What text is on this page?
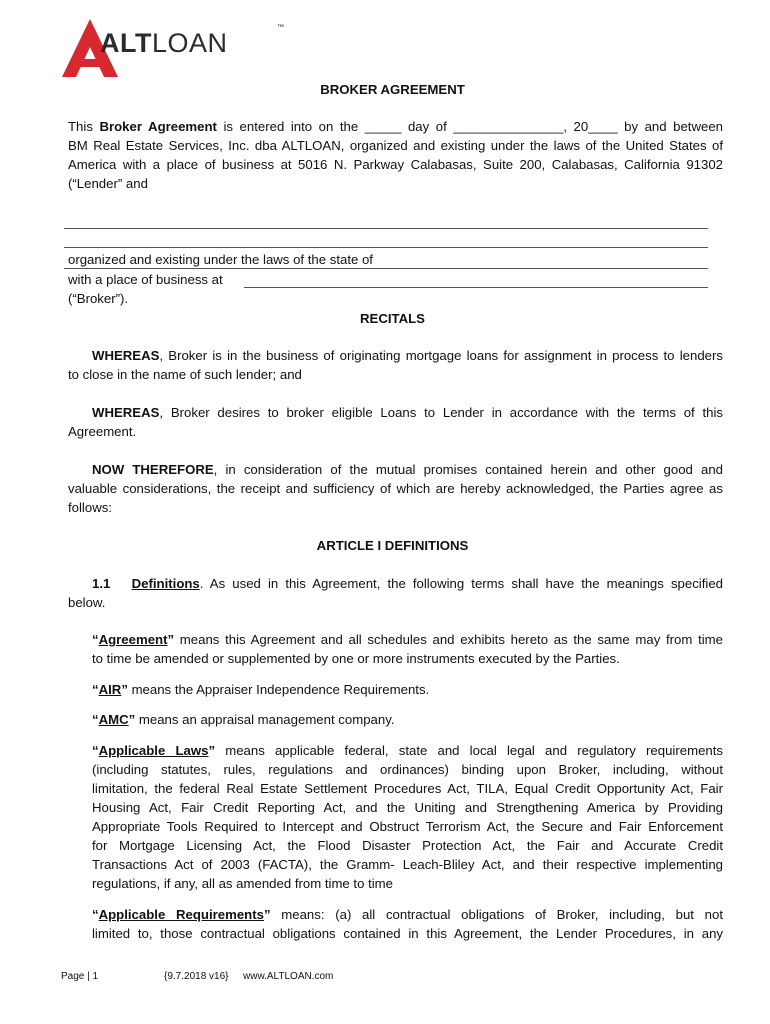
ALTLOAN
™
BROKER AGREEMENT
This Broker Agreement is entered into on the _____ day of _______________, 20____ by and between
BM Real Estate Services, Inc. dba ALTLOAN, organized and existing under the laws of the United States of
America with a place of business at 5016 N. Parkway Calabasas, Suite 200, Calabasas, California 91302
(“Lender” and
organized and existing under the laws of the state of
with a place of business at
(“Broker”).
RECITALS
WHEREAS, Broker is in the business of originating mortgage loans for assignment in process to lenders
to close in the name of such lender; and
WHEREAS, Broker desires to broker eligible Loans to Lender in accordance with the terms of this
Agreement.
NOW THEREFORE, in consideration of the mutual promises contained herein and other good and
valuable considerations, the receipt and sufficiency of which are hereby acknowledged, the Parties agree as
follows:
ARTICLE I DEFINITIONS
1.1 Definitions. As used in this Agreement, the following terms shall have the meanings specified
below.
“Agreement” means this Agreement and all schedules and exhibits hereto as the same may from time
to time be amended or supplemented by one or more instruments executed by the Parties.
“AIR” means the Appraiser Independence Requirements.
“AMC” means an appraisal management company.
“Applicable Laws” means applicable federal, state and local legal and regulatory requirements
(including statutes, rules, regulations and ordinances) binding upon Broker, including, without
limitation, the federal Real Estate Settlement Procedures Act, TILA, Equal Credit Opportunity Act, Fair
Housing Act, Fair Credit Reporting Act, and the Uniting and Strengthening America by Providing
Appropriate Tools Required to Intercept and Obstruct Terrorism Act, the Secure and Fair Enforcement
for Mortgage Licensing Act, the Flood Disaster Protection Act, the Fair and Accurate Credit
Transactions Act of 2003 (FACTA), the Gramm- Leach-Bliley Act, and their respective implementing
regulations, if any, all as amended from time to time
“Applicable Requirements” means: (a) all contractual obligations of Broker, including, but not
limited to, those contractual obligations contained in this Agreement, the Lender Procedures, in any
Page | 1	{9.7.2018 v16} www.ALTLOAN.com
